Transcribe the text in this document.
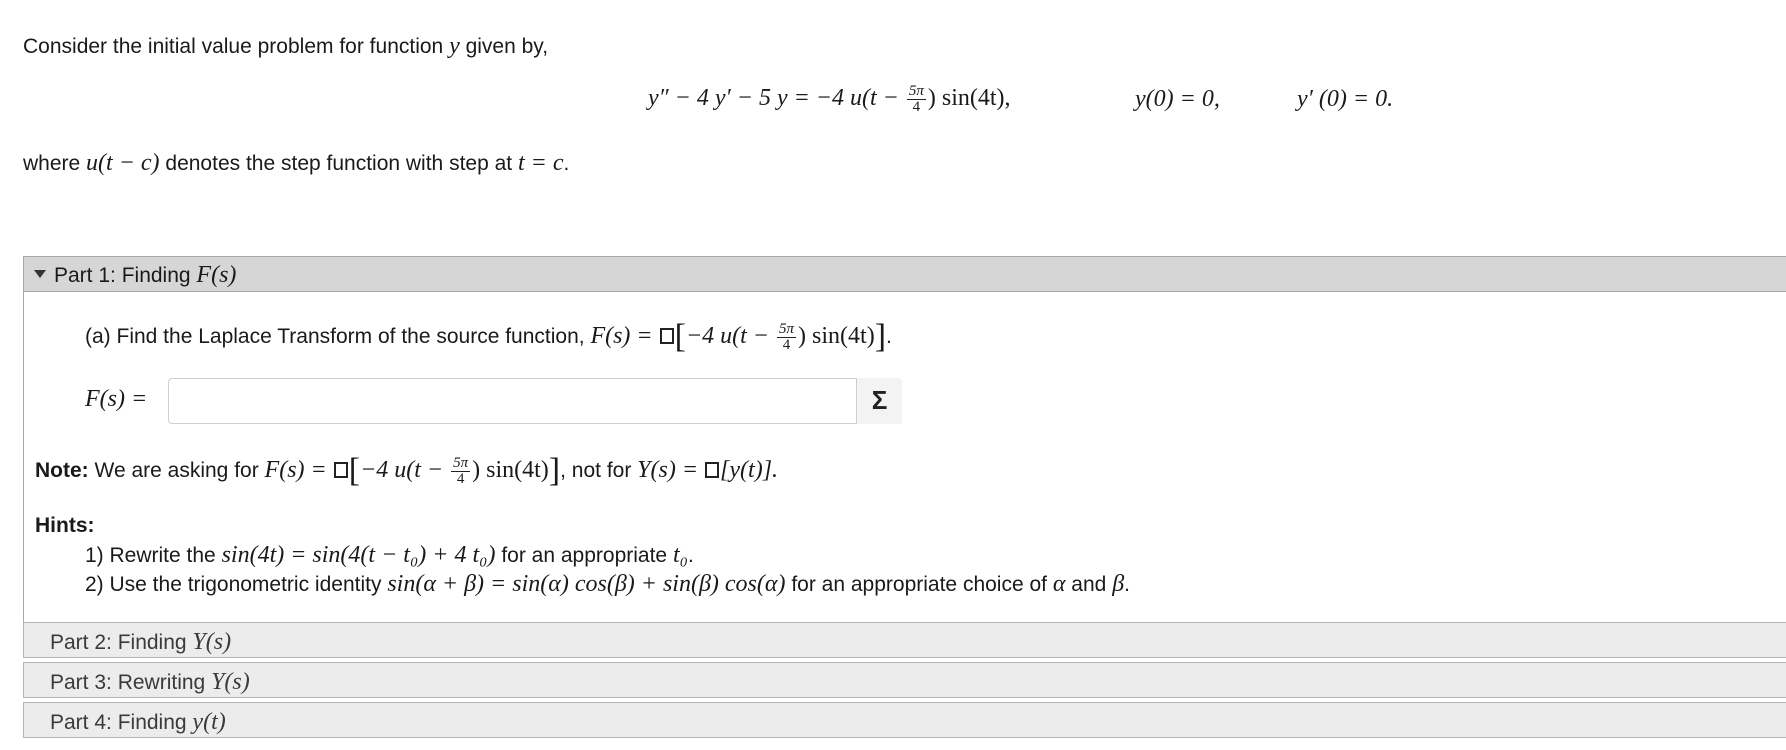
Consider the initial value problem for function y given by,
y″ − 4 y′ − 5 y = −4 $u(t - \frac{5\pi}{4}$ ) sin(4t),	y(0) = 0,	y′ (0) = 0.
where u(t − c) denotes the step function with step at t = c.
Part 1: Finding F(s)
(a) Find the Laplace Transform of the source function, F(s) = [−4 $u(t - \frac{5\pi}{4}$ ) sin(4t)].
F(s) =	Σ
Note: We are asking for F(s) = [−4 $u(t - \frac{5\pi}{4}$ ) sin(4t)], not for Y(s) = [y(t)].
Hints:
1) Rewrite the sin(4t) = sin(4(t − t₀) + 4 t₀) for an appropriate t₀.
2) Use the trigonometric identity sin(α + β) = sin(α) cos(β) + sin(β) cos(α) for an appropriate choice of α and β.
Part 2: Finding Y(s)
Part 3: Rewriting Y(s)
Part 4: Finding y(t)
